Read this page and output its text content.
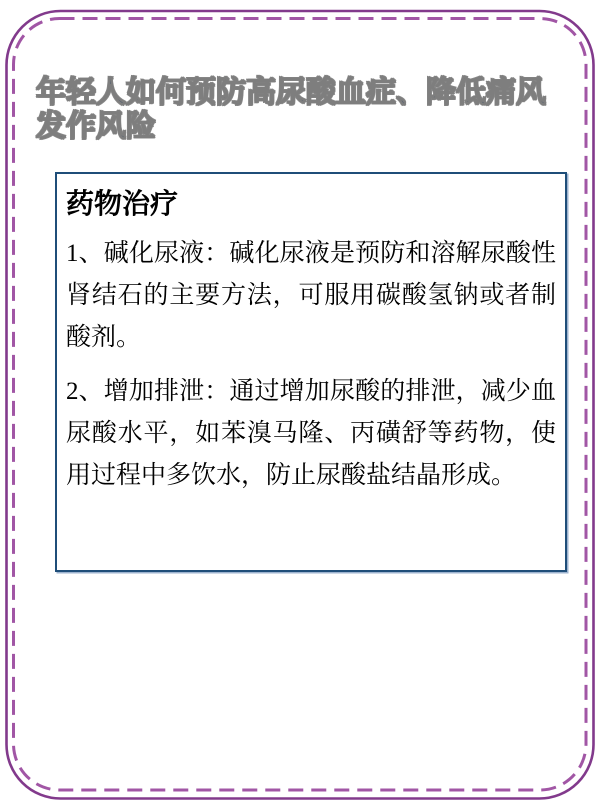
年轻人如何预防高尿酸血症、降低痛风发作风险
药物治疗
1、碱化尿液：碱化尿液是预防和溶解尿酸性
肾结石的主要方法，可服用碳酸氢钠或者制
酸剂。
2、增加排泄：通过增加尿酸的排泄，减少血
尿酸水平，如苯溴马隆、丙磺舒等药物，使
用过程中多饮水，防止尿酸盐结晶形成。
